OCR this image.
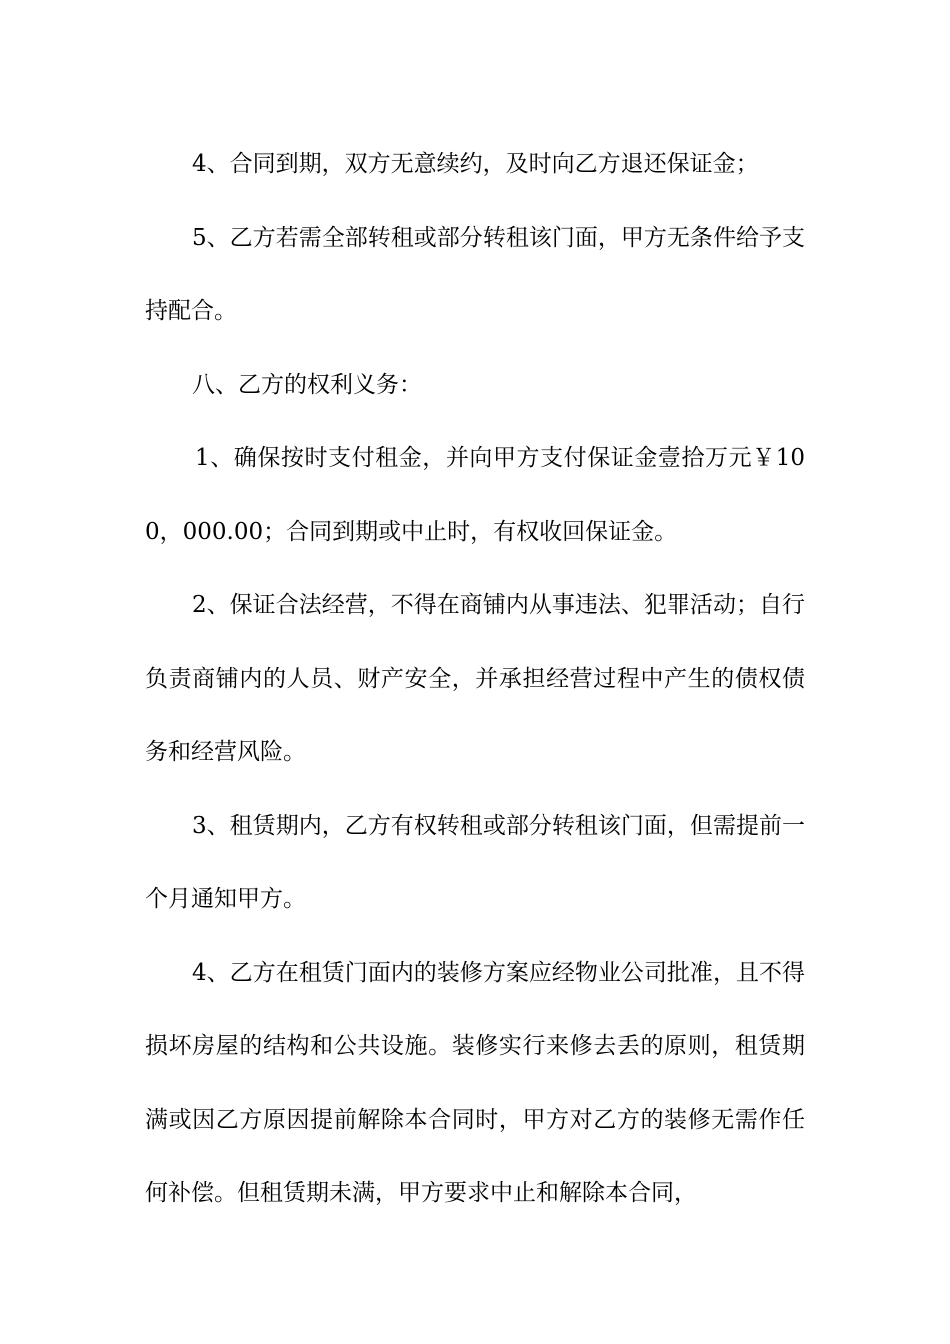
4、合同到期，双方无意续约，及时向乙方退还保证金；

5、乙方若需全部转租或部分转租该门面，甲方无条件给予支持配合。

八、乙方的权利义务：

1、确保按时支付租金，并向甲方支付保证金壹拾万元￥100，000.00；合同到期或中止时，有权收回保证金。

2、保证合法经营，不得在商铺内从事违法、犯罪活动；自行负责商铺内的人员、财产安全，并承担经营过程中产生的债权债务和经营风险。

3、租赁期内，乙方有权转租或部分转租该门面，但需提前一个月通知甲方。

4、乙方在租赁门面内的装修方案应经物业公司批准，且不得损坏房屋的结构和公共设施。装修实行来修去丢的原则，租赁期满或因乙方原因提前解除本合同时，甲方对乙方的装修无需作任何补偿。但租赁期未满，甲方要求中止和解除本合同，
